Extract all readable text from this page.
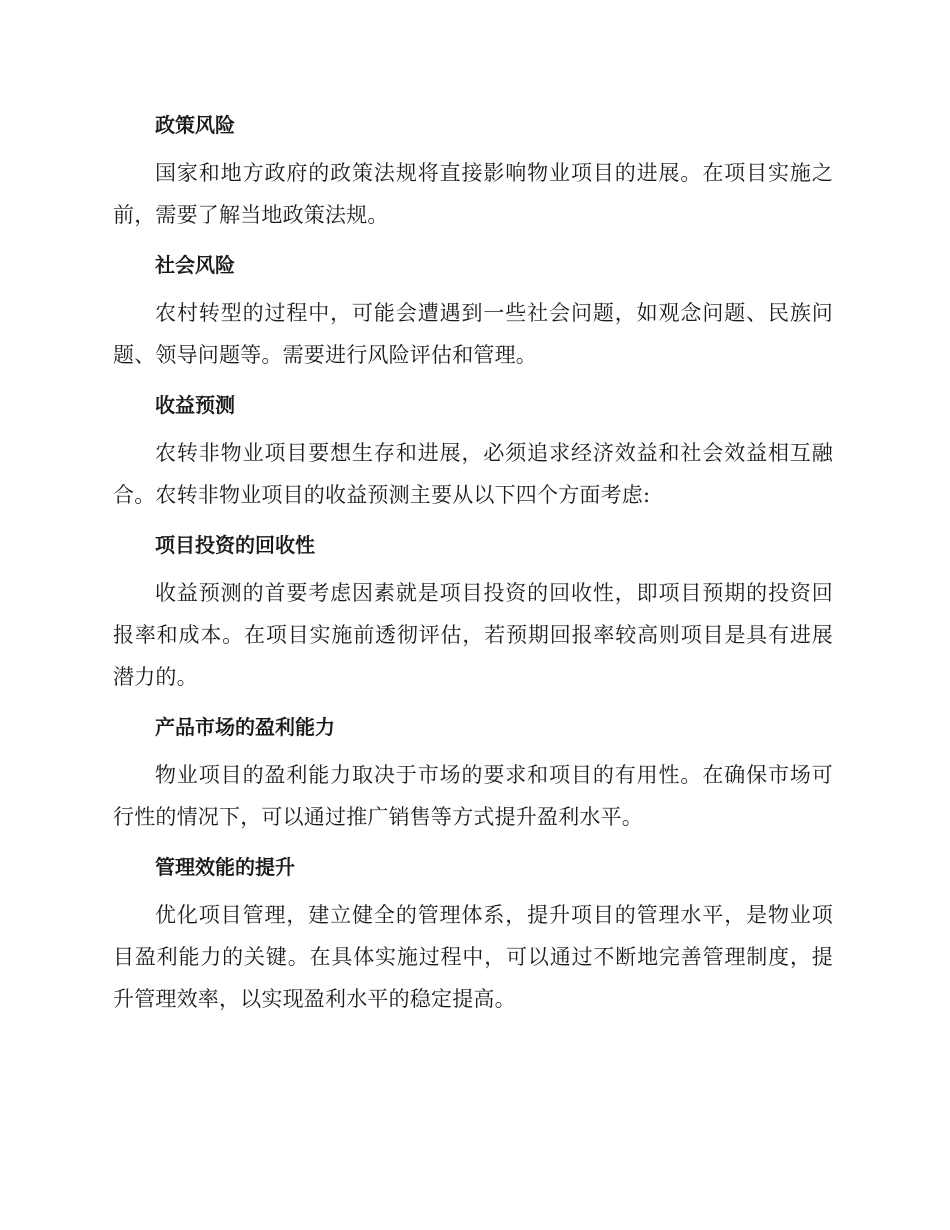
政策风险

国家和地方政府的政策法规将直接影响物业项目的进展。在项目实施之前，需要了解当地政策法规。

社会风险

农村转型的过程中，可能会遭遇到一些社会问题，如观念问题、民族问题、领导问题等。需要进行风险评估和管理。

收益预测

农转非物业项目要想生存和进展，必须追求经济效益和社会效益相互融合。农转非物业项目的收益预测主要从以下四个方面考虑:

项目投资的回收性

收益预测的首要考虑因素就是项目投资的回收性，即项目预期的投资回报率和成本。在项目实施前透彻评估，若预期回报率较高则项目是具有进展潜力的。

产品市场的盈利能力

物业项目的盈利能力取决于市场的要求和项目的有用性。在确保市场可行性的情况下，可以通过推广销售等方式提升盈利水平。

管理效能的提升

优化项目管理，建立健全的管理体系，提升项目的管理水平，是物业项目盈利能力的关键。在具体实施过程中，可以通过不断地完善管理制度，提升管理效率，以实现盈利水平的稳定提高。
